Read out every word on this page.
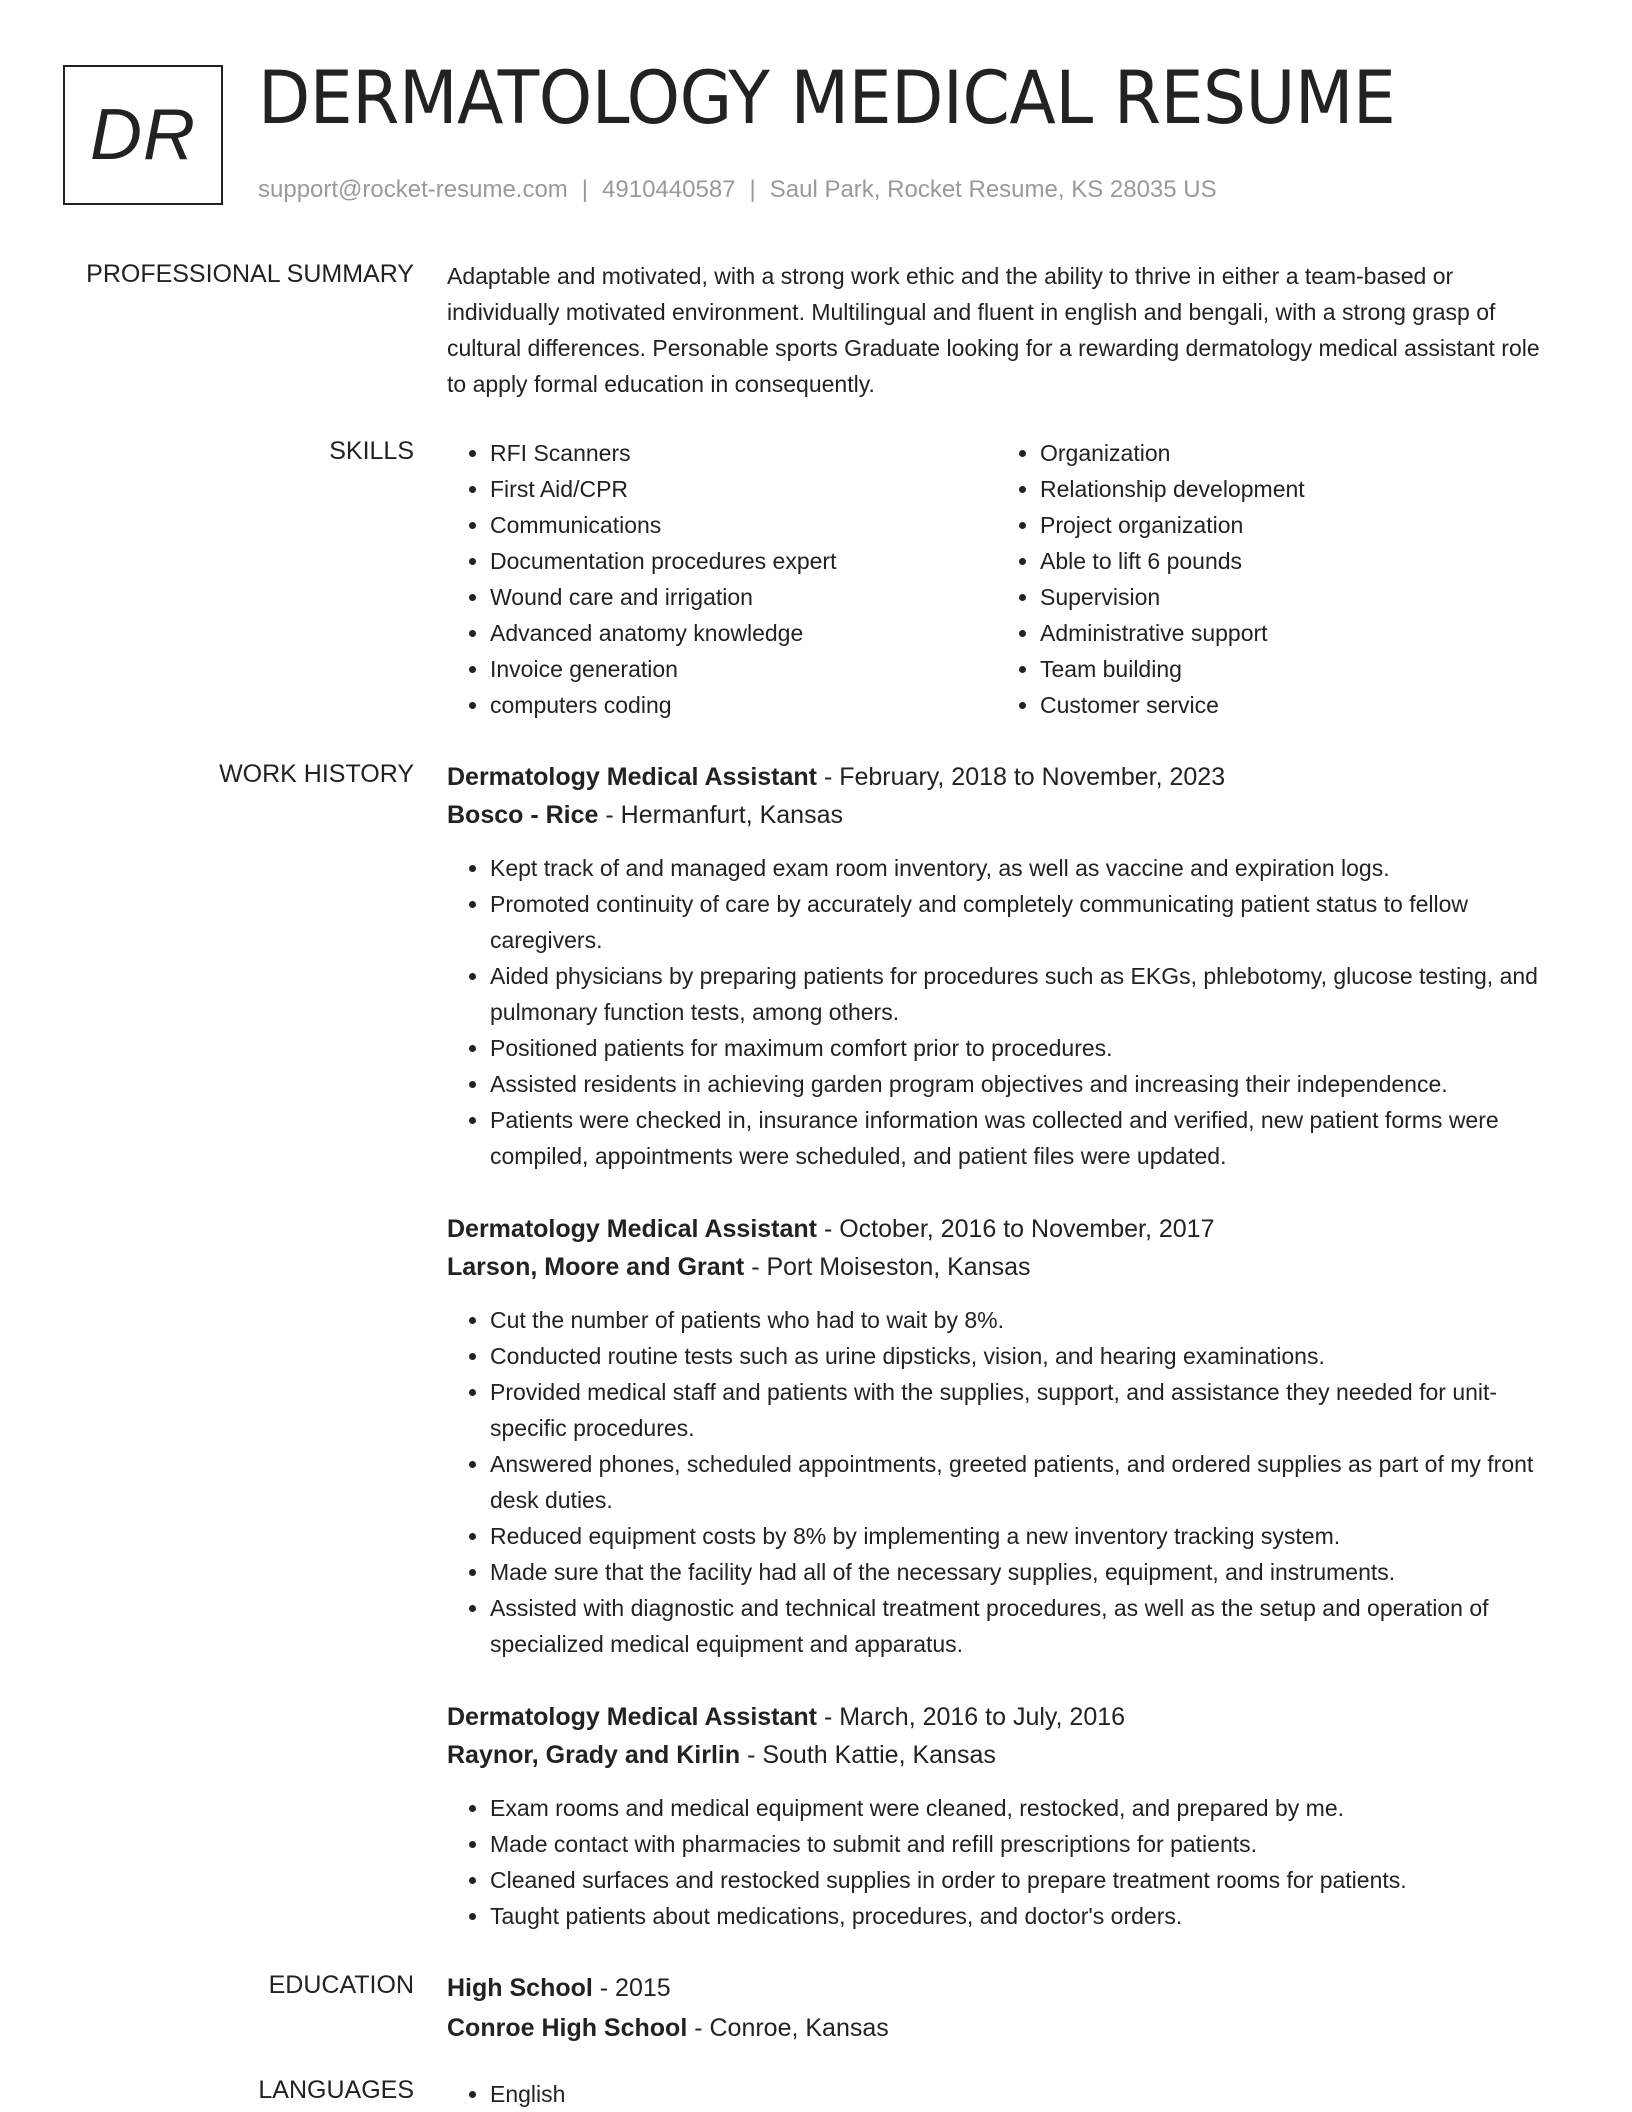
DR DERMATOLOGY MEDICAL RESUME
support@rocket-resume.com | 4910440587 | Saul Park, Rocket Resume, KS 28035 US
PROFESSIONAL SUMMARY Adaptable and motivated, with a strong work ethic and the ability to thrive in either a team-based or individually motivated environment. Multilingual and fluent in english and bengali, with a strong grasp of cultural differences. Personable sports Graduate looking for a rewarding dermatology medical assistant role to apply formal education in consequently.
SKILLS	• RFI Scanners
• First Aid/CPR
• Communications
• Documentation procedures expert
• Wound care and irrigation
• Advanced anatomy knowledge
• Invoice generation
• computers coding
• Organization
• Relationship development
• Project organization
• Able to lift 6 pounds
• Supervision
• Administrative support
• Team building
• Customer service
WORK HISTORY Dermatology Medical Assistant - February, 2018 to November, 2023
Bosco - Rice - Hermanfurt, Kansas
• Kept track of and managed exam room inventory, as well as vaccine and expiration logs.
• Promoted continuity of care by accurately and completely communicating patient status to fellow caregivers.
• Aided physicians by preparing patients for procedures such as EKGs, phlebotomy, glucose testing, and pulmonary function tests, among others.
• Positioned patients for maximum comfort prior to procedures.
• Assisted residents in achieving garden program objectives and increasing their independence.
• Patients were checked in, insurance information was collected and verified, new patient forms were compiled, appointments were scheduled, and patient files were updated.
Dermatology Medical Assistant - October, 2016 to November, 2017
Larson, Moore and Grant - Port Moiseston, Kansas
• Cut the number of patients who had to wait by 8%.
• Conducted routine tests such as urine dipsticks, vision, and hearing examinations.
• Provided medical staff and patients with the supplies, support, and assistance they needed for unit-specific procedures.
• Answered phones, scheduled appointments, greeted patients, and ordered supplies as part of my front desk duties.
• Reduced equipment costs by 8% by implementing a new inventory tracking system.
• Made sure that the facility had all of the necessary supplies, equipment, and instruments.
• Assisted with diagnostic and technical treatment procedures, as well as the setup and operation of specialized medical equipment and apparatus.
Dermatology Medical Assistant - March, 2016 to July, 2016
Raynor, Grady and Kirlin - South Kattie, Kansas
• Exam rooms and medical equipment were cleaned, restocked, and prepared by me.
• Made contact with pharmacies to submit and refill prescriptions for patients.
• Cleaned surfaces and restocked supplies in order to prepare treatment rooms for patients.
• Taught patients about medications, procedures, and doctor's orders.
EDUCATION High School - 2015
Conroe High School - Conroe, Kansas
LANGUAGES	• English
